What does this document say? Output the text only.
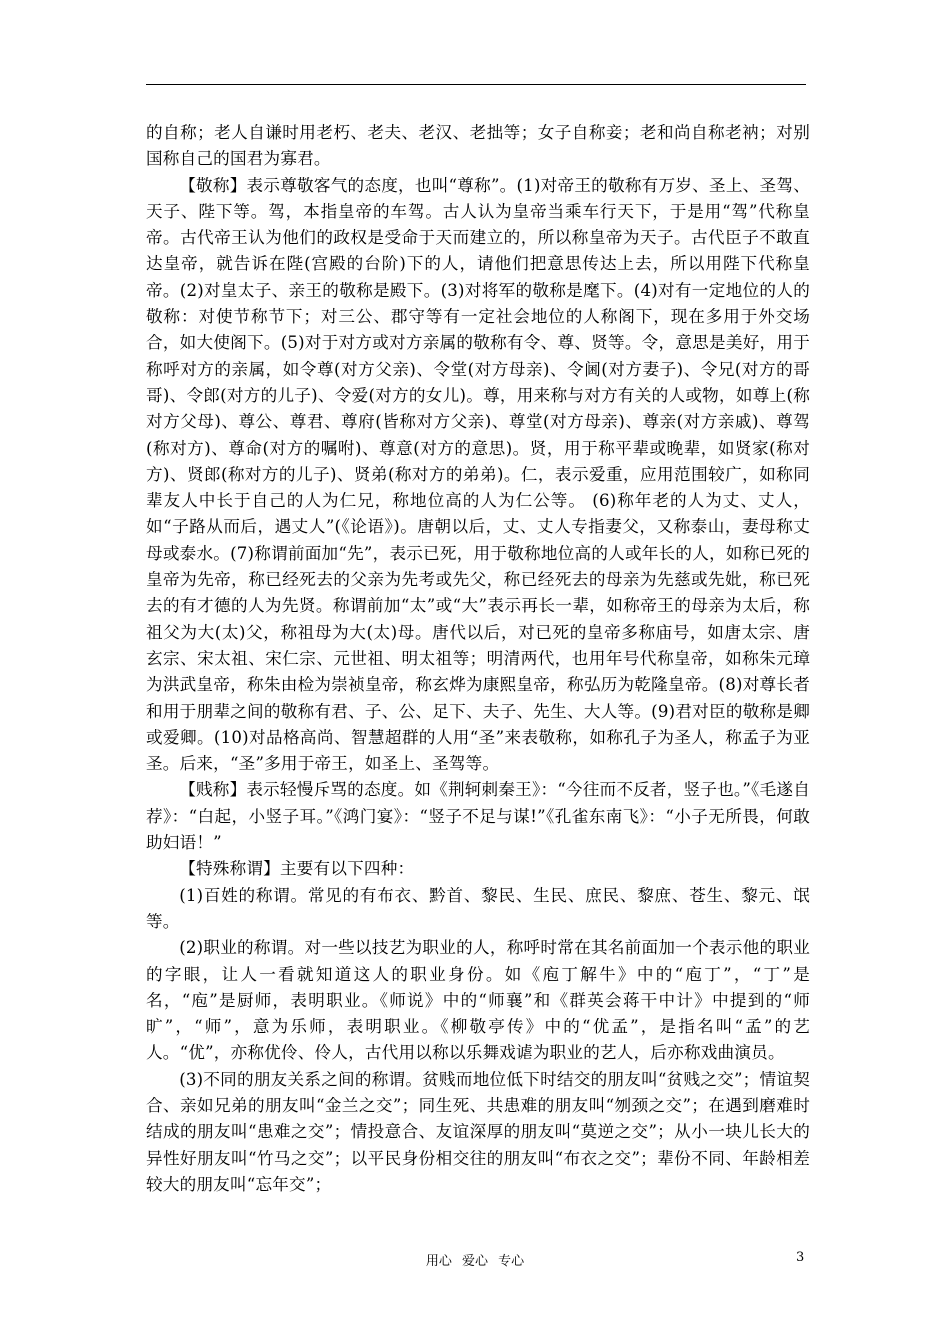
的自称；老人自谦时用老朽、老夫、老汉、老拙等；女子自称妾；老和尚自称老衲；对别国称自己的国君为寡君。

【敬称】表示尊敬客气的态度，也叫“尊称”。(1)对帝王的敬称有万岁、圣上、圣驾、天子、陛下等。驾，本指皇帝的车驾。古人认为皇帝当乘车行天下，于是用“驾”代称皇帝。古代帝王认为他们的政权是受命于天而建立的，所以称皇帝为天子。古代臣子不敢直达皇帝，就告诉在陛(宫殿的台阶)下的人，请他们把意思传达上去，所以用陛下代称皇帝。(2)对皇太子、亲王的敬称是殿下。(3)对将军的敬称是麾下。(4)对有一定地位的人的敬称：对使节称节下；对三公、郡守等有一定社会地位的人称阁下，现在多用于外交场合，如大使阁下。(5)对于对方或对方亲属的敬称有令、尊、贤等。令，意思是美好，用于称呼对方的亲属，如令尊(对方父亲)、令堂(对方母亲)、令阃(对方妻子)、令兄(对方的哥哥)、令郎(对方的儿子)、令爱(对方的女儿)。尊，用来称与对方有关的人或物，如尊上(称对方父母)、尊公、尊君、尊府(皆称对方父亲)、尊堂(对方母亲)、尊亲(对方亲戚)、尊驾(称对方)、尊命(对方的嘱咐)、尊意(对方的意思)。贤，用于称平辈或晚辈，如贤家(称对方)、贤郎(称对方的儿子)、贤弟(称对方的弟弟)。仁，表示爱重，应用范围较广，如称同辈友人中长于自己的人为仁兄，称地位高的人为仁公等。 (6)称年老的人为丈、丈人，如“子路从而后，遇丈人”(《论语》)。唐朝以后，丈、丈人专指妻父，又称泰山，妻母称丈母或泰水。(7)称谓前面加“先”，表示已死，用于敬称地位高的人或年长的人，如称已死的皇帝为先帝，称已经死去的父亲为先考或先父，称已经死去的母亲为先慈或先妣，称已死去的有才德的人为先贤。称谓前加“太”或“大”表示再长一辈，如称帝王的母亲为太后，称祖父为大(太)父，称祖母为大(太)母。唐代以后，对已死的皇帝多称庙号，如唐太宗、唐玄宗、宋太祖、宋仁宗、元世祖、明太祖等；明清两代，也用年号代称皇帝，如称朱元璋为洪武皇帝，称朱由检为崇祯皇帝，称玄烨为康熙皇帝，称弘历为乾隆皇帝。(8)对尊长者和用于朋辈之间的敬称有君、子、公、足下、夫子、先生、大人等。(9)君对臣的敬称是卿或爱卿。(10)对品格高尚、智慧超群的人用“圣”来表敬称，如称孔子为圣人，称孟子为亚圣。后来，“圣”多用于帝王，如圣上、圣驾等。

【贱称】表示轻慢斥骂的态度。如《荆轲刺秦王》：“今往而不反者，竖子也。”《毛遂自荐》：“白起，小竖子耳。”《鸿门宴》：“竖子不足与谋!”《孔雀东南飞》：“小子无所畏，何敢助妇语！”

【特殊称谓】主要有以下四种：

(1)百姓的称谓。常见的有布衣、黔首、黎民、生民、庶民、黎庶、苍生、黎元、氓等。

(2)职业的称谓。对一些以技艺为职业的人，称呼时常在其名前面加一个表示他的职业的字眼，让人一看就知道这人的职业身份。如《庖丁解牛》中的“庖丁”，“丁”是名，“庖”是厨师，表明职业。《师说》中的“师襄”和《群英会蒋干中计》中提到的“师旷”，“师”，意为乐师，表明职业。《柳敬亭传》中的“优孟”，是指名叫“孟”的艺人。“优”，亦称优伶、伶人，古代用以称以乐舞戏谑为职业的艺人，后亦称戏曲演员。

(3)不同的朋友关系之间的称谓。贫贱而地位低下时结交的朋友叫“贫贱之交”；情谊契合、亲如兄弟的朋友叫“金兰之交”；同生死、共患难的朋友叫“刎颈之交”；在遇到磨难时结成的朋友叫“患难之交”；情投意合、友谊深厚的朋友叫“莫逆之交”；从小一块儿长大的异性好朋友叫“竹马之交”；以平民身份相交往的朋友叫“布衣之交”；辈份不同、年龄相差较大的朋友叫“忘年交”；

用心 爱心 专心	3
